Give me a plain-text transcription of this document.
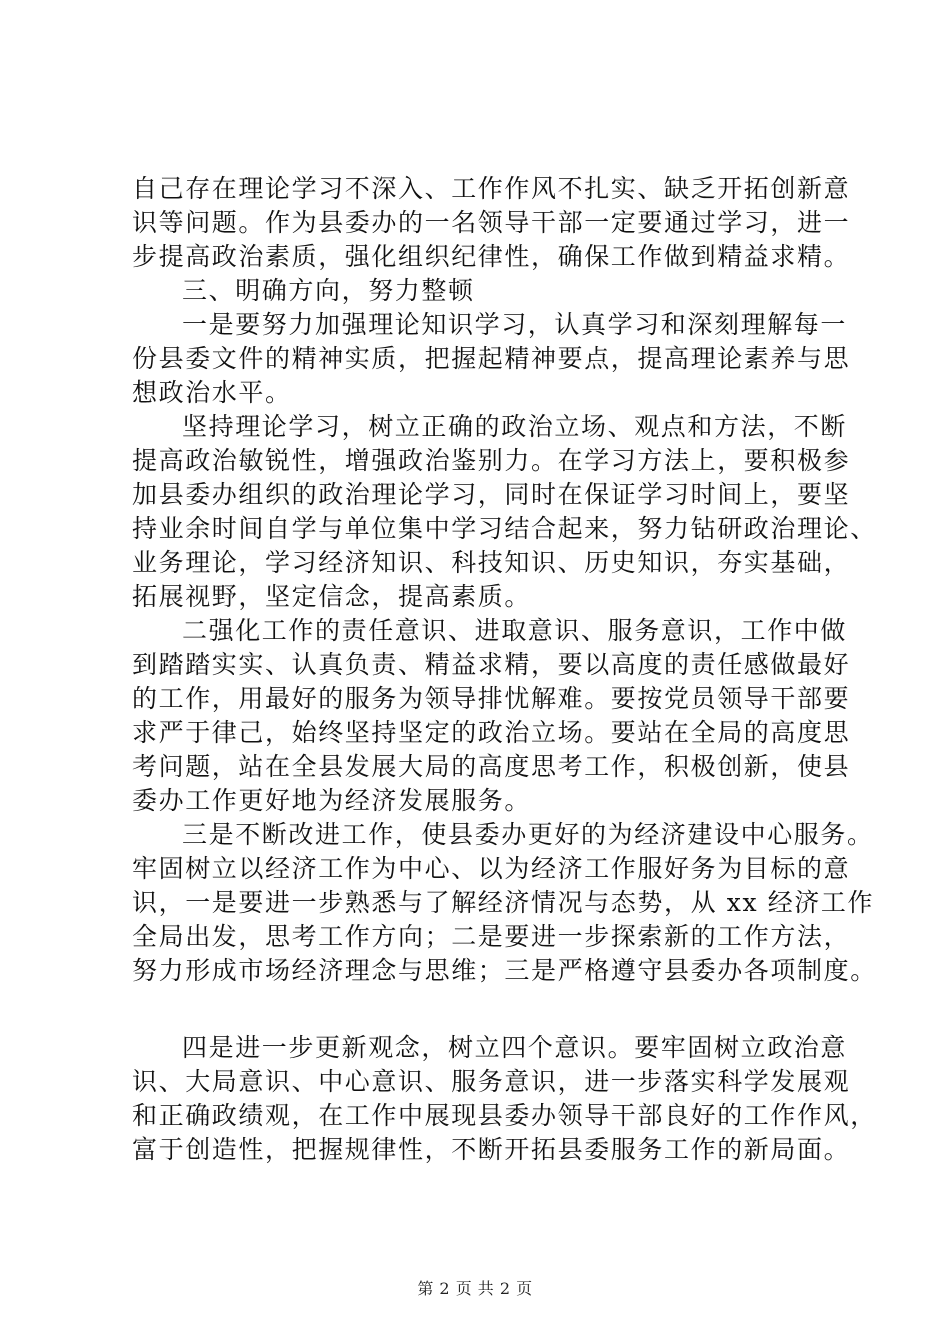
自己存在理论学习不深入、工作作风不扎实、缺乏开拓创新意
识等问题。作为县委办的一名领导干部一定要通过学习，进一
步提高政治素质，强化组织纪律性，确保工作做到精益求精。
三、明确方向，努力整顿
一是要努力加强理论知识学习，认真学习和深刻理解每一
份县委文件的精神实质，把握起精神要点，提高理论素养与思
想政治水平。
坚持理论学习，树立正确的政治立场、观点和方法，不断
提高政治敏锐性，增强政治鉴别力。在学习方法上，要积极参
加县委办组织的政治理论学习，同时在保证学习时间上，要坚
持业余时间自学与单位集中学习结合起来，努力钻研政治理论、
业务理论，学习经济知识、科技知识、历史知识，夯实基础，
拓展视野，坚定信念，提高素质。
二强化工作的责任意识、进取意识、服务意识，工作中做
到踏踏实实、认真负责、精益求精，要以高度的责任感做最好
的工作，用最好的服务为领导排忧解难。要按党员领导干部要
求严于律己，始终坚持坚定的政治立场。要站在全局的高度思
考问题，站在全县发展大局的高度思考工作，积极创新，使县
委办工作更好地为经济发展服务。
三是不断改进工作，使县委办更好的为经济建设中心服务。
牢固树立以经济工作为中心、以为经济工作服好务为目标的意
识，一是要进一步熟悉与了解经济情况与态势，从 xx 经济工作
全局出发，思考工作方向；二是要进一步探索新的工作方法，
努力形成市场经济理念与思维；三是严格遵守县委办各项制度。
四是进一步更新观念，树立四个意识。要牢固树立政治意
识、大局意识、中心意识、服务意识，进一步落实科学发展观
和正确政绩观，在工作中展现县委办领导干部良好的工作作风，
富于创造性，把握规律性，不断开拓县委服务工作的新局面。
第 2 页 共 2 页
